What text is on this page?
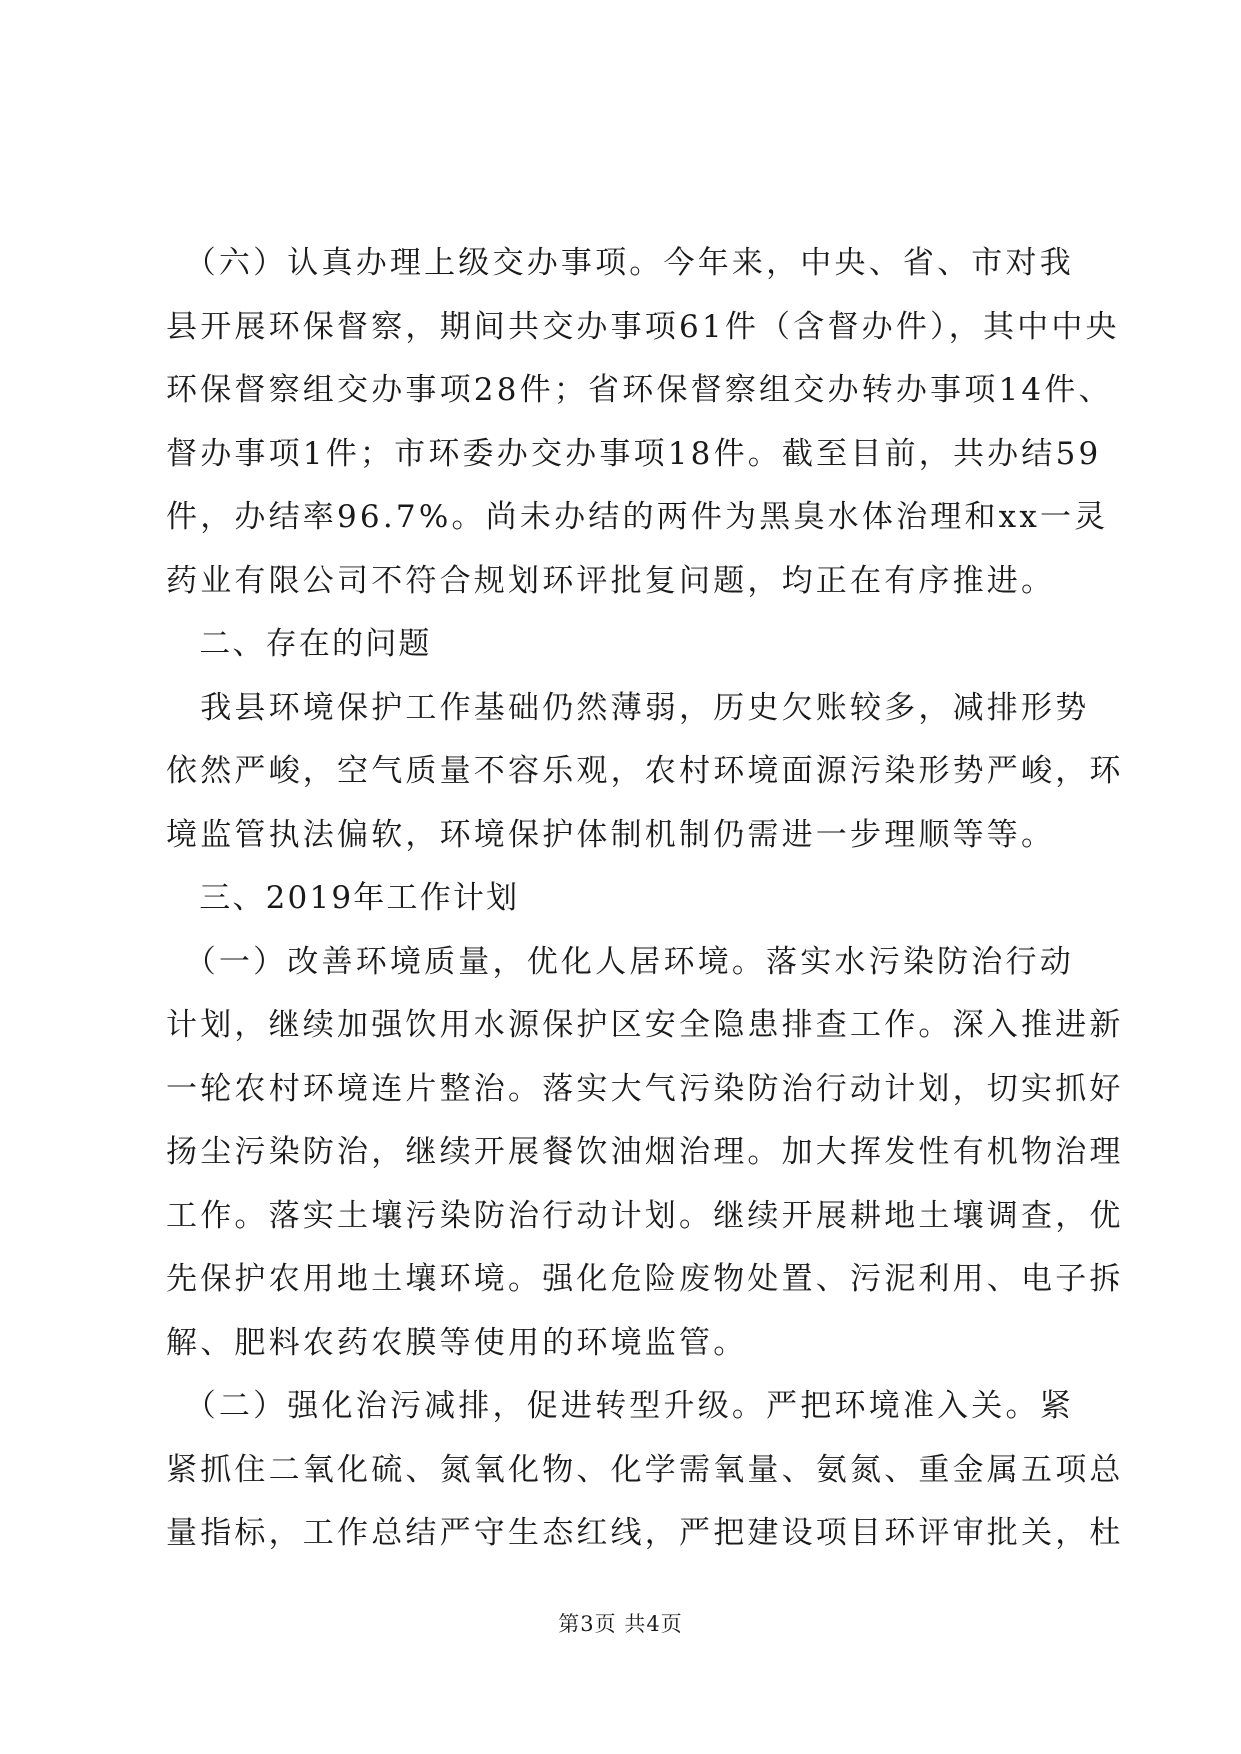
　（六）认真办理上级交办事项。今年来，中央、省、市对我
县开展环保督察，期间共交办事项61件（含督办件），其中中央
环保督察组交办事项28件；省环保督察组交办转办事项14件、
督办事项1件；市环委办交办事项18件。截至目前，共办结59
件，办结率96.7%。尚未办结的两件为黑臭水体治理和xx一灵
药业有限公司不符合规划环评批复问题，均正在有序推进。
　二、存在的问题
　我县环境保护工作基础仍然薄弱，历史欠账较多，减排形势
依然严峻，空气质量不容乐观，农村环境面源污染形势严峻，环
境监管执法偏软，环境保护体制机制仍需进一步理顺等等。
　三、2019年工作计划
　（一）改善环境质量，优化人居环境。落实水污染防治行动
计划，继续加强饮用水源保护区安全隐患排查工作。深入推进新
一轮农村环境连片整治。落实大气污染防治行动计划，切实抓好
扬尘污染防治，继续开展餐饮油烟治理。加大挥发性有机物治理
工作。落实土壤污染防治行动计划。继续开展耕地土壤调查，优
先保护农用地土壤环境。强化危险废物处置、污泥利用、电子拆
解、肥料农药农膜等使用的环境监管。
　（二）强化治污减排，促进转型升级。严把环境准入关。紧
紧抓住二氧化硫、氮氧化物、化学需氧量、氨氮、重金属五项总
量指标，工作总结严守生态红线，严把建设项目环评审批关，杜
第3页 共4页
